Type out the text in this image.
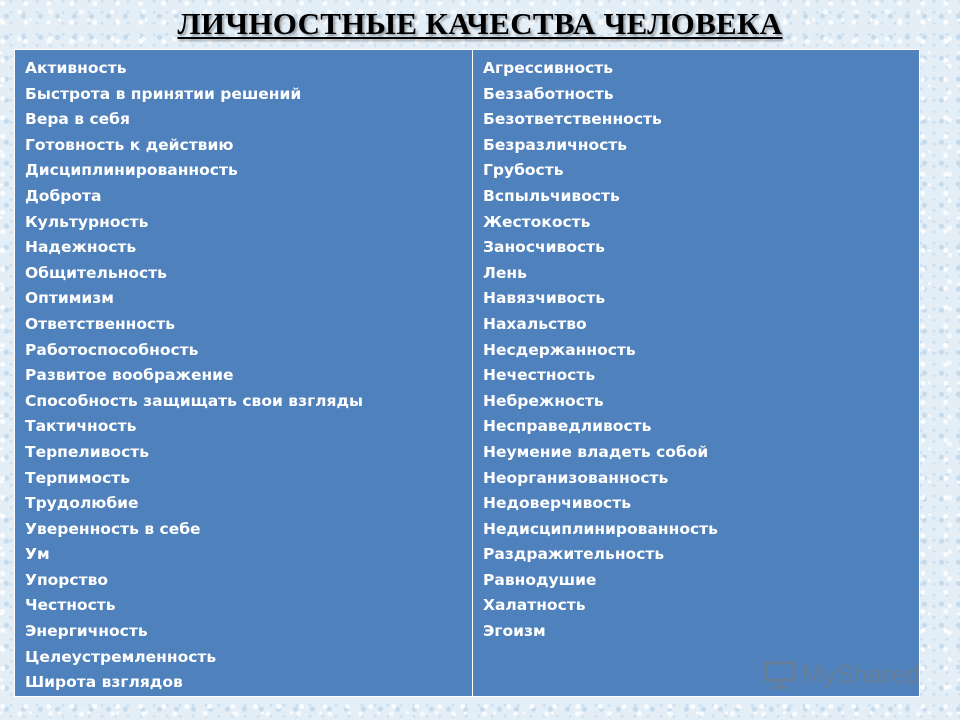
ЛИЧНОСТНЫЕ КАЧЕСТВА ЧЕЛОВЕКА
Активность
Быстрота в принятии решений
Вера в себя
Готовность к действию
Дисциплинированность
Доброта
Культурность
Надежность
Общительность
Оптимизм
Ответственность
Работоспособность
Развитое воображение
Способность защищать свои взгляды
Тактичность
Терпеливость
Терпимость
Трудолюбие
Уверенность в себе
Ум
Упорство
Честность
Энергичность
Целеустремленность
Широта взглядов
Агрессивность
Беззаботность
Безответственность
Безразличность
Грубость
Вспыльчивость
Жестокость
Заносчивость
Лень
Навязчивость
Нахальство
Несдержанность
Нечестность
Небрежность
Несправедливость
Неумение владеть собой
Неорганизованность
Недоверчивость
Недисциплинированность
Раздражительность
Равнодушие
Халатность
Эгоизм
MyShared
